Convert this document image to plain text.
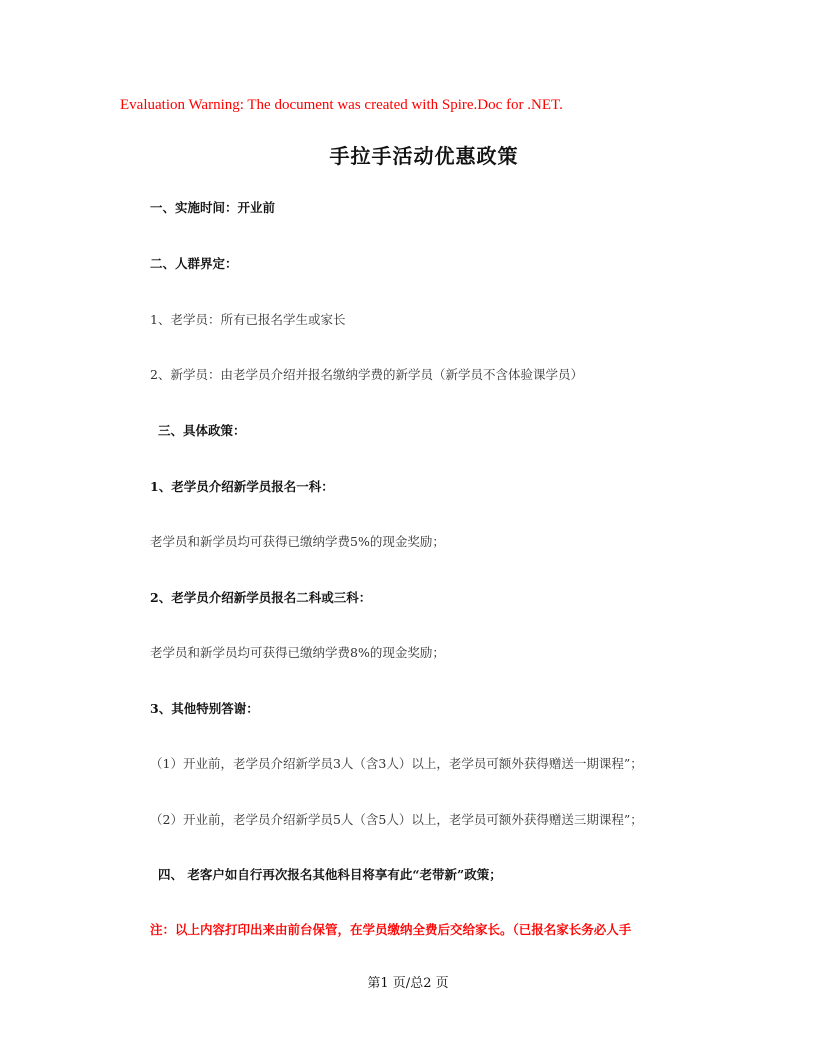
Evaluation Warning: The document was created with Spire.Doc for .NET.
手拉手活动优惠政策
一、实施时间：开业前
二、人群界定：
1、老学员：所有已报名学生或家长
2、新学员：由老学员介绍并报名缴纳学费的新学员（新学员不含体验课学员）
三、具体政策：
1、老学员介绍新学员报名一科：
老学员和新学员均可获得已缴纳学费5%的现金奖励；
2、老学员介绍新学员报名二科或三科：
老学员和新学员均可获得已缴纳学费8%的现金奖励；
3、其他特别答谢：
（1）开业前，老学员介绍新学员3人（含3人）以上，老学员可额外获得赠送一期课程”；
（2）开业前，老学员介绍新学员5人（含5人）以上，老学员可额外获得赠送三期课程”；
四、 老客户如自行再次报名其他科目将享有此“老带新”政策；
注：以上内容打印出来由前台保管，在学员缴纳全费后交给家长。（已报名家长务必人手
第1 页/总2 页
